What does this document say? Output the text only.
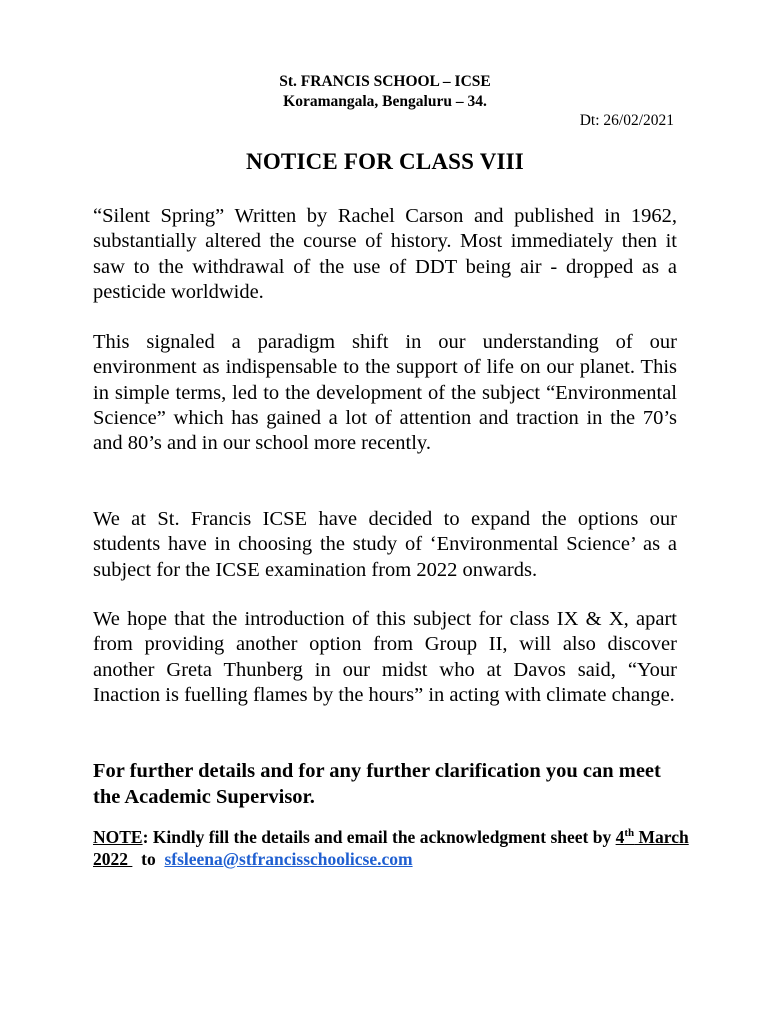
St. FRANCIS SCHOOL – ICSE
Koramangala, Bengaluru – 34.
Dt: 26/02/2021
NOTICE FOR CLASS VIII
“Silent Spring” Written by Rachel Carson and published in 1962, substantially altered the course of history. Most immediately then it saw to the withdrawal of the use of DDT being air - dropped as a pesticide worldwide.
This signaled a paradigm shift in our understanding of our environment as indispensable to the support of life on our planet. This in simple terms, led to the development of the subject “Environmental Science” which has gained a lot of attention and traction in the 70’s and 80’s and in our school more recently.
We at St. Francis ICSE have decided to expand the options our students have in choosing the study of ‘Environmental Science’ as a subject for the ICSE examination from 2022 onwards.
We hope that the introduction of this subject for class IX & X, apart from providing another option from Group II, will also discover another Greta Thunberg in our midst who at Davos said, “Your Inaction is fuelling flames by the hours” in acting with climate change.
For further details and for any further clarification you can meet the Academic Supervisor.
NOTE: Kindly fill the details and email the acknowledgment sheet by 4th March 2022   to  sfsleena@stfrancisschoolicse.com
